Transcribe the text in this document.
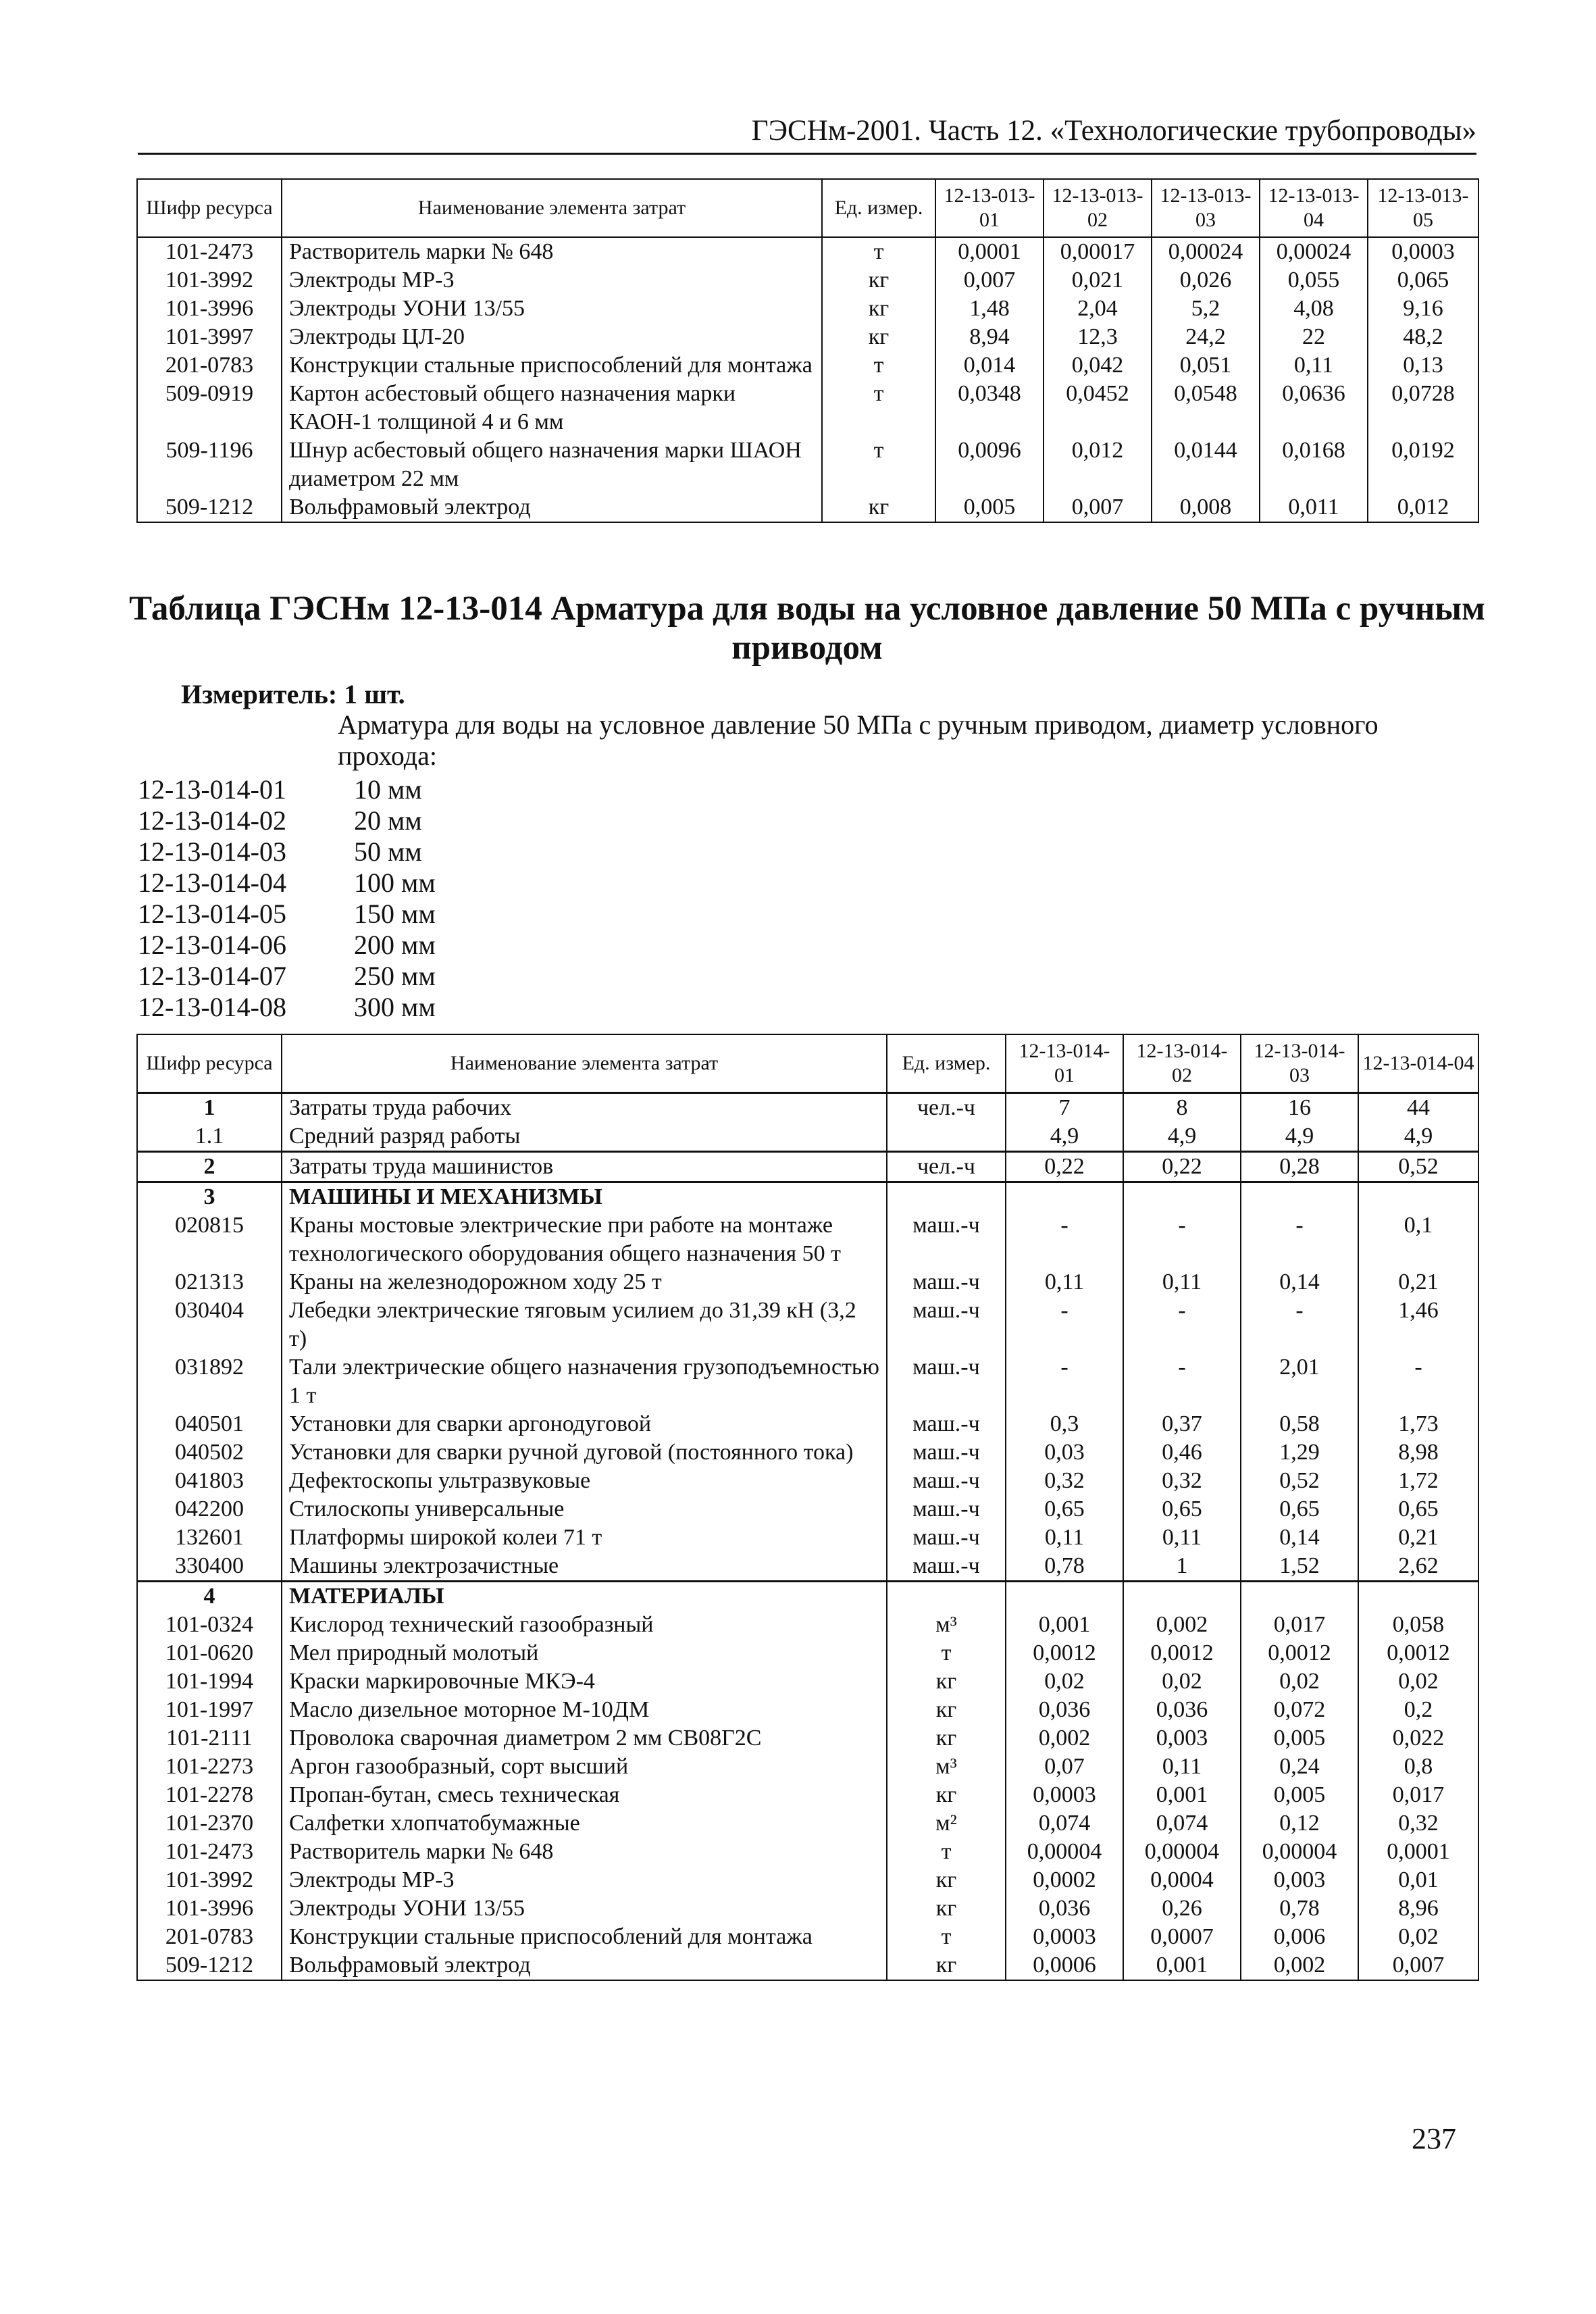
ГЭСНм-2001. Часть 12. «Технологические трубопроводы»
Шифр ресурса	Наименование элемента затрат	Ед. измер.	12-13-013-01	12-13-013-02	12-13-013-03	12-13-013-04	12-13-013-05
101-2473	Растворитель марки № 648	т	0,0001	0,00017	0,00024	0,00024	0,0003
101-3992	Электроды МР-3	кг	0,007	0,021	0,026	0,055	0,065
101-3996	Электроды УОНИ 13/55	кг	1,48	2,04	5,2	4,08	9,16
101-3997	Электроды ЦЛ-20	кг	8,94	12,3	24,2	22	48,2
201-0783	Конструкции стальные приспособлений для монтажа	т	0,014	0,042	0,051	0,11	0,13
509-0919	Картон асбестовый общего назначения марки КАОН-1 толщиной 4 и 6 мм	т	0,0348	0,0452	0,0548	0,0636	0,0728
509-1196	Шнур асбестовый общего назначения марки ШАОН диаметром 22 мм	т	0,0096	0,012	0,0144	0,0168	0,0192
509-1212	Вольфрамовый электрод	кг	0,005	0,007	0,008	0,011	0,012
Таблица ГЭСНм 12-13-014 Арматура для воды на условное давление 50 МПа с ручным приводом
Измеритель: 1 шт.
Арматура для воды на условное давление 50 МПа с ручным приводом, диаметр условного прохода:
12-13-014-01	10 мм
12-13-014-02	20 мм
12-13-014-03	50 мм
12-13-014-04	100 мм
12-13-014-05	150 мм
12-13-014-06	200 мм
12-13-014-07	250 мм
12-13-014-08	300 мм
Шифр ресурса	Наименование элемента затрат	Ед. измер.	12-13-014-01	12-13-014-02	12-13-014-03	12-13-014-04
1	Затраты труда рабочих	чел.-ч	7	8	16	44
1.1	Средний разряд работы		4,9	4,9	4,9	4,9
2	Затраты труда машинистов	чел.-ч	0,22	0,22	0,28	0,52
3	МАШИНЫ И МЕХАНИЗМЫ					
020815	Краны мостовые электрические при работе на монтаже технологического оборудования общего назначения 50 т	маш.-ч	-	-	-	0,1
021313	Краны на железнодорожном ходу 25 т	маш.-ч	0,11	0,11	0,14	0,21
030404	Лебедки электрические тяговым усилием до 31,39 кН (3,2 т)	маш.-ч	-	-	-	1,46
031892	Тали электрические общего назначения грузоподъемностью 1 т	маш.-ч	-	-	2,01	-
040501	Установки для сварки аргонодуговой	маш.-ч	0,3	0,37	0,58	1,73
040502	Установки для сварки ручной дуговой (постоянного тока)	маш.-ч	0,03	0,46	1,29	8,98
041803	Дефектоскопы ультразвуковые	маш.-ч	0,32	0,32	0,52	1,72
042200	Стилоскопы универсальные	маш.-ч	0,65	0,65	0,65	0,65
132601	Платформы широкой колеи 71 т	маш.-ч	0,11	0,11	0,14	0,21
330400	Машины электрозачистные	маш.-ч	0,78	1	1,52	2,62
4	МАТЕРИАЛЫ					
101-0324	Кислород технический газообразный	м³	0,001	0,002	0,017	0,058
101-0620	Мел природный молотый	т	0,0012	0,0012	0,0012	0,0012
101-1994	Краски маркировочные МКЭ-4	кг	0,02	0,02	0,02	0,02
101-1997	Масло дизельное моторное М-10ДМ	кг	0,036	0,036	0,072	0,2
101-2111	Проволока сварочная диаметром 2 мм СВ08Г2С	кг	0,002	0,003	0,005	0,022
101-2273	Аргон газообразный, сорт высший	м³	0,07	0,11	0,24	0,8
101-2278	Пропан-бутан, смесь техническая	кг	0,0003	0,001	0,005	0,017
101-2370	Салфетки хлопчатобумажные	м²	0,074	0,074	0,12	0,32
101-2473	Растворитель марки № 648	т	0,00004	0,00004	0,00004	0,0001
101-3992	Электроды МР-3	кг	0,0002	0,0004	0,003	0,01
101-3996	Электроды УОНИ 13/55	кг	0,036	0,26	0,78	8,96
201-0783	Конструкции стальные приспособлений для монтажа	т	0,0003	0,0007	0,006	0,02
509-1212	Вольфрамовый электрод	кг	0,0006	0,001	0,002	0,007
237
